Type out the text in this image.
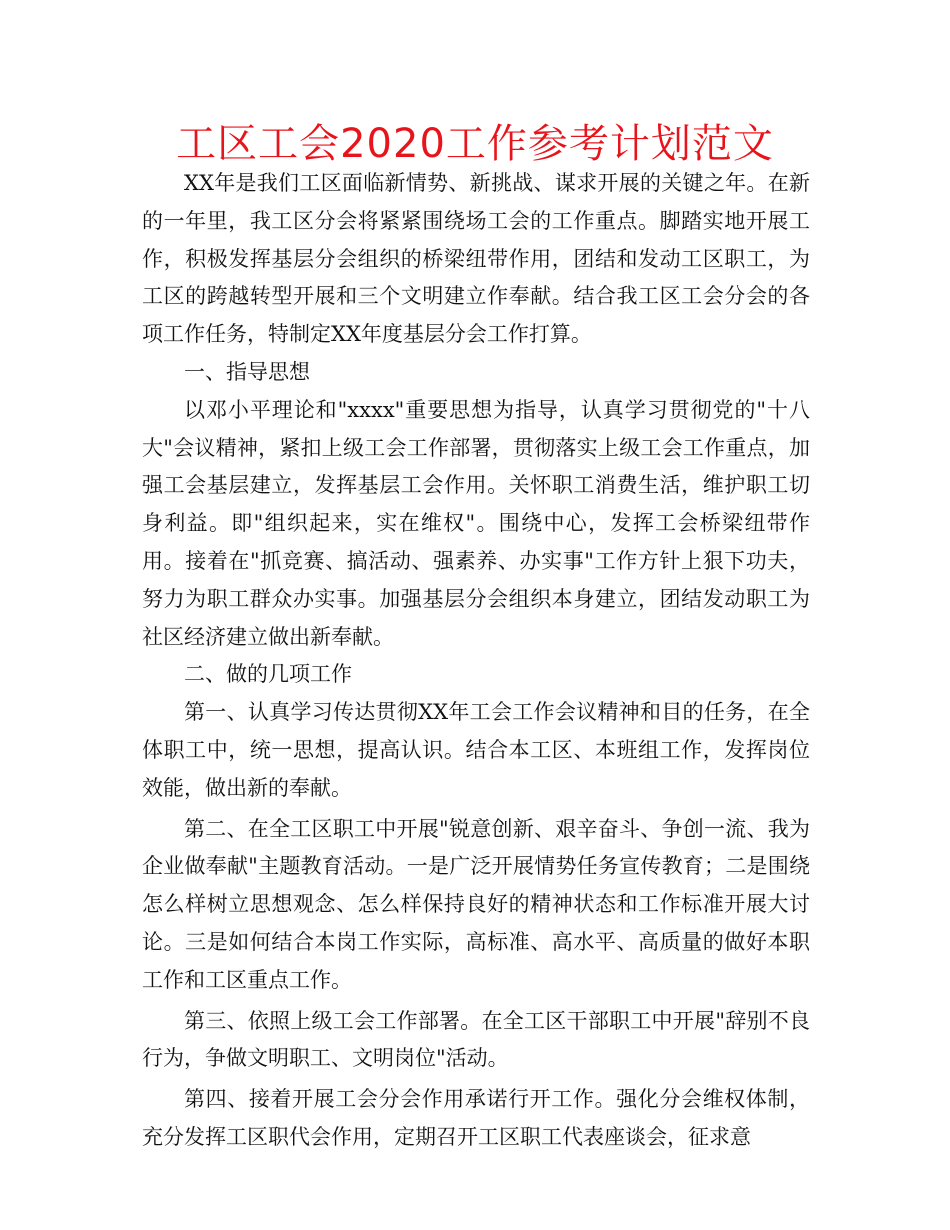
工区工会2020工作参考计划范文

XX年是我们工区面临新情势、新挑战、谋求开展的关键之年。在新的一年里，我工区分会将紧紧围绕场工会的工作重点。脚踏实地开展工作，积极发挥基层分会组织的桥梁纽带作用，团结和发动工区职工，为工区的跨越转型开展和三个文明建立作奉献。结合我工区工会分会的各项工作任务，特制定XX年度基层分会工作打算。

一、指导思想

以邓小平理论和"xxxx"重要思想为指导，认真学习贯彻党的"十八大"会议精神，紧扣上级工会工作部署，贯彻落实上级工会工作重点，加强工会基层建立，发挥基层工会作用。关怀职工消费生活，维护职工切身利益。即"组织起来，实在维权"。围绕中心，发挥工会桥梁纽带作用。接着在"抓竞赛、搞活动、强素养、办实事"工作方针上狠下功夫，努力为职工群众办实事。加强基层分会组织本身建立，团结发动职工为社区经济建立做出新奉献。

二、做的几项工作

第一、认真学习传达贯彻XX年工会工作会议精神和目的任务，在全体职工中，统一思想，提高认识。结合本工区、本班组工作，发挥岗位效能，做出新的奉献。

第二、在全工区职工中开展"锐意创新、艰辛奋斗、争创一流、我为企业做奉献"主题教育活动。一是广泛开展情势任务宣传教育；二是围绕怎么样树立思想观念、怎么样保持良好的精神状态和工作标准开展大讨论。三是如何结合本岗工作实际，高标准、高水平、高质量的做好本职工作和工区重点工作。

第三、依照上级工会工作部署。在全工区干部职工中开展"辞别不良行为，争做文明职工、文明岗位"活动。

第四、接着开展工会分会作用承诺行开工作。强化分会维权体制，充分发挥工区职代会作用，定期召开工区职工代表座谈会，征求意
